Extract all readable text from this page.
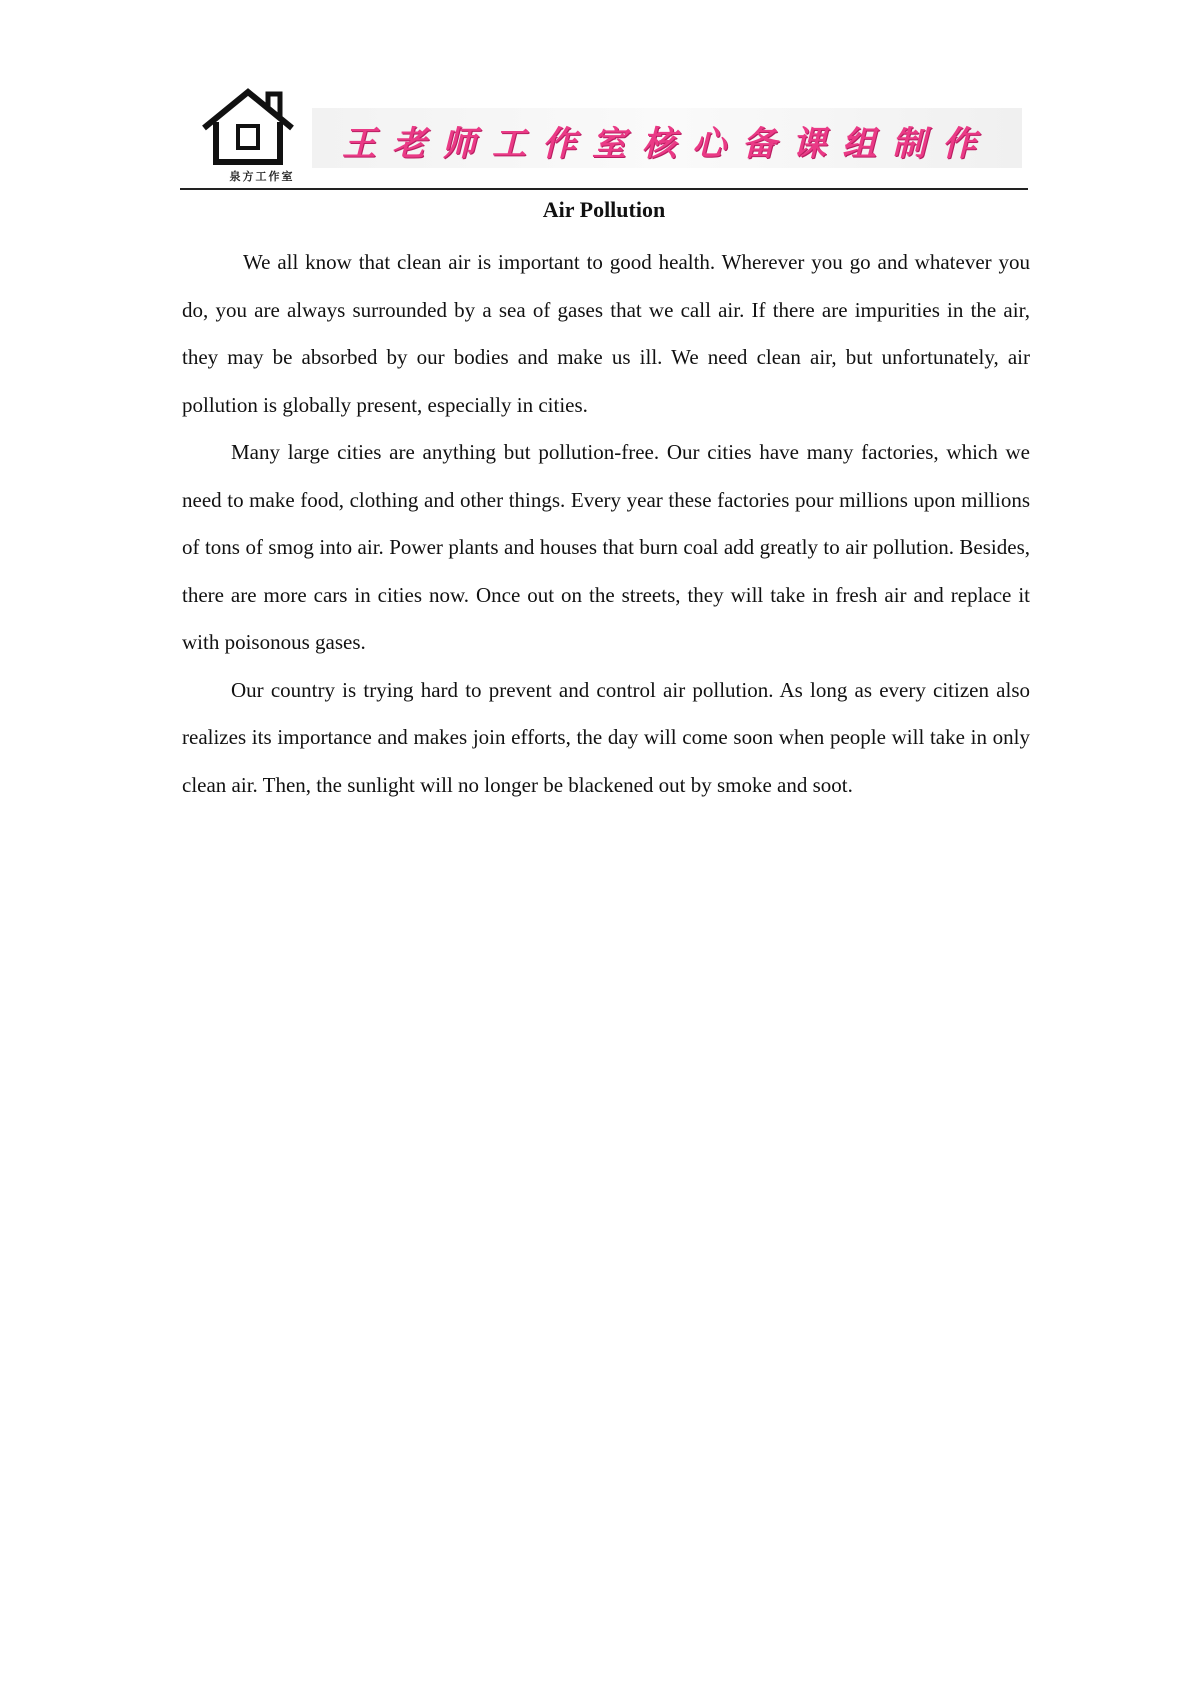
泉方工作室
王老师工作室核心备课组制作
Air Pollution

We all know that clean air is important to good health. Wherever you go and whatever you do, you are always surrounded by a sea of gases that we call air. If there are impurities in the air, they may be absorbed by our bodies and make us ill. We need clean air, but unfortunately, air pollution is globally present, especially in cities.

Many large cities are anything but pollution-free. Our cities have many factories, which we need to make food, clothing and other things. Every year these factories pour millions upon millions of tons of smog into air. Power plants and houses that burn coal add greatly to air pollution. Besides, there are more cars in cities now. Once out on the streets, they will take in fresh air and replace it with poisonous gases.

Our country is trying hard to prevent and control air pollution. As long as every citizen also realizes its importance and makes join efforts, the day will come soon when people will take in only clean air. Then, the sunlight will no longer be blackened out by smoke and soot.
